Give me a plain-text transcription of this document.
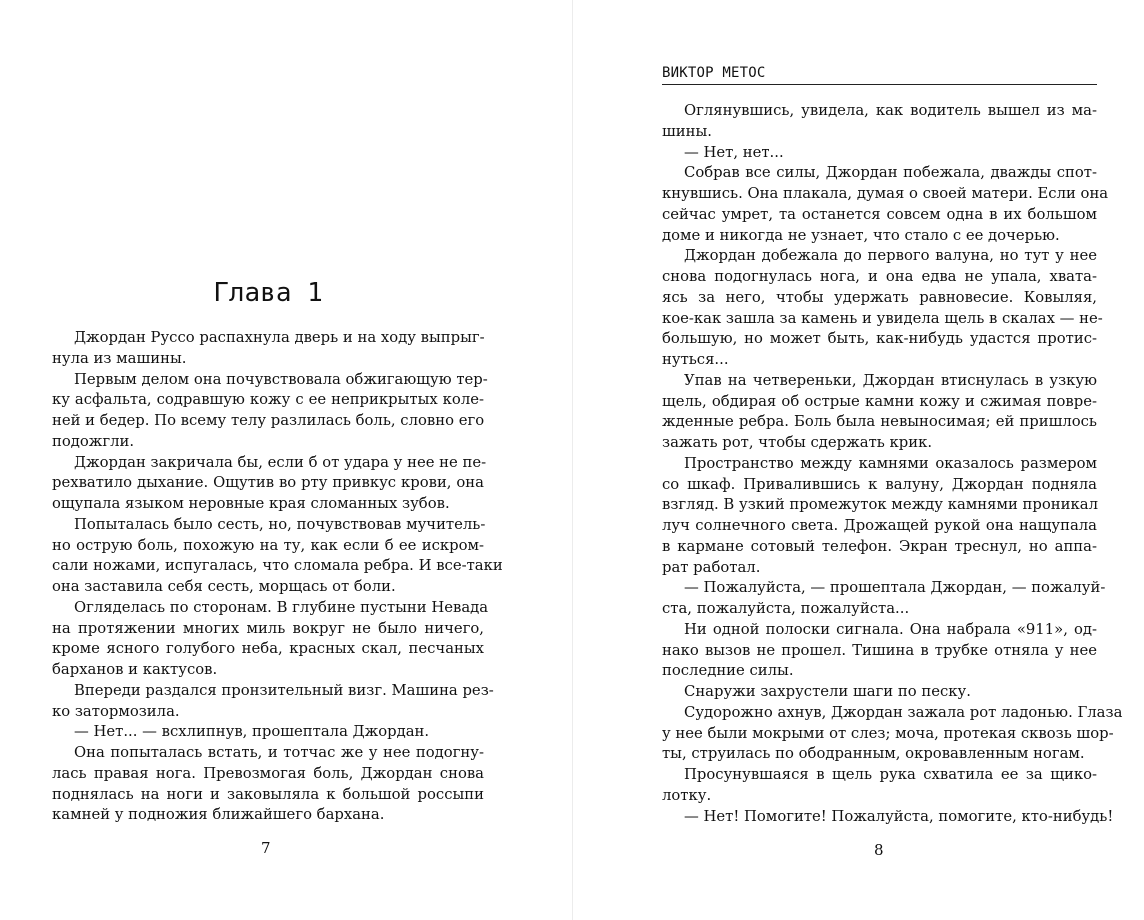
Глава 1
Джордан Руссо распахнула дверь и на ходу выпрыг-
нула из машины.
Первым делом она почувствовала обжигающую тер-
ку асфальта, содравшую кожу с ее неприкрытых коле-
ней и бедер. По всему телу разлилась боль, словно его
подожгли.
Джордан закричала бы, если б от удара у нее не пе-
рехватило дыхание. Ощутив во рту привкус крови, она
ощупала языком неровные края сломанных зубов.
Попыталась было сесть, но, почувствовав мучитель-
но острую боль, похожую на ту, как если б ее искром-
сали ножами, испугалась, что сломала ребра. И все-таки
она заставила себя сесть, морщась от боли.
Огляделась по сторонам. В глубине пустыни Невада
на протяжении многих миль вокруг не было ничего,
кроме ясного голубого неба, красных скал, песчаных
барханов и кактусов.
Впереди раздался пронзительный визг. Машина рез-
ко затормозила.
— Нет... — всхлипнув, прошептала Джордан.
Она попыталась встать, и тотчас же у нее подогну-
лась правая нога. Превозмогая боль, Джордан снова
поднялась на ноги и заковыляла к большой россыпи
камней у подножия ближайшего бархана.
7
ВИКТОР МЕТОС
Оглянувшись, увидела, как водитель вышел из ма-
шины.
— Нет, нет...
Собрав все силы, Джордан побежала, дважды спот-
кнувшись. Она плакала, думая о своей матери. Если она
сейчас умрет, та останется совсем одна в их большом
доме и никогда не узнает, что стало с ее дочерью.
Джордан добежала до первого валуна, но тут у нее
снова подогнулась нога, и она едва не упала, хвата-
ясь за него, чтобы удержать равновесие. Ковыляя,
кое-как зашла за камень и увидела щель в скалах — не-
большую, но может быть, как-нибудь удастся протис-
нуться...
Упав на четвереньки, Джордан втиснулась в узкую
щель, обдирая об острые камни кожу и сжимая повре-
жденные ребра. Боль была невыносимая; ей пришлось
зажать рот, чтобы сдержать крик.
Пространство между камнями оказалось размером
со шкаф. Привалившись к валуну, Джордан подняла
взгляд. В узкий промежуток между камнями проникал
луч солнечного света. Дрожащей рукой она нащупала
в кармане сотовый телефон. Экран треснул, но аппа-
рат работал.
— Пожалуйста, — прошептала Джордан, — пожалуй-
ста, пожалуйста, пожалуйста...
Ни одной полоски сигнала. Она набрала «911», од-
нако вызов не прошел. Тишина в трубке отняла у нее
последние силы.
Снаружи захрустели шаги по песку.
Судорожно ахнув, Джордан зажала рот ладонью. Глаза
у нее были мокрыми от слез; моча, протекая сквозь шор-
ты, струилась по ободранным, окровавленным ногам.
Просунувшаяся в щель рука схватила ее за щико-
лотку.
— Нет! Помогите! Пожалуйста, помогите, кто-нибудь!
8
